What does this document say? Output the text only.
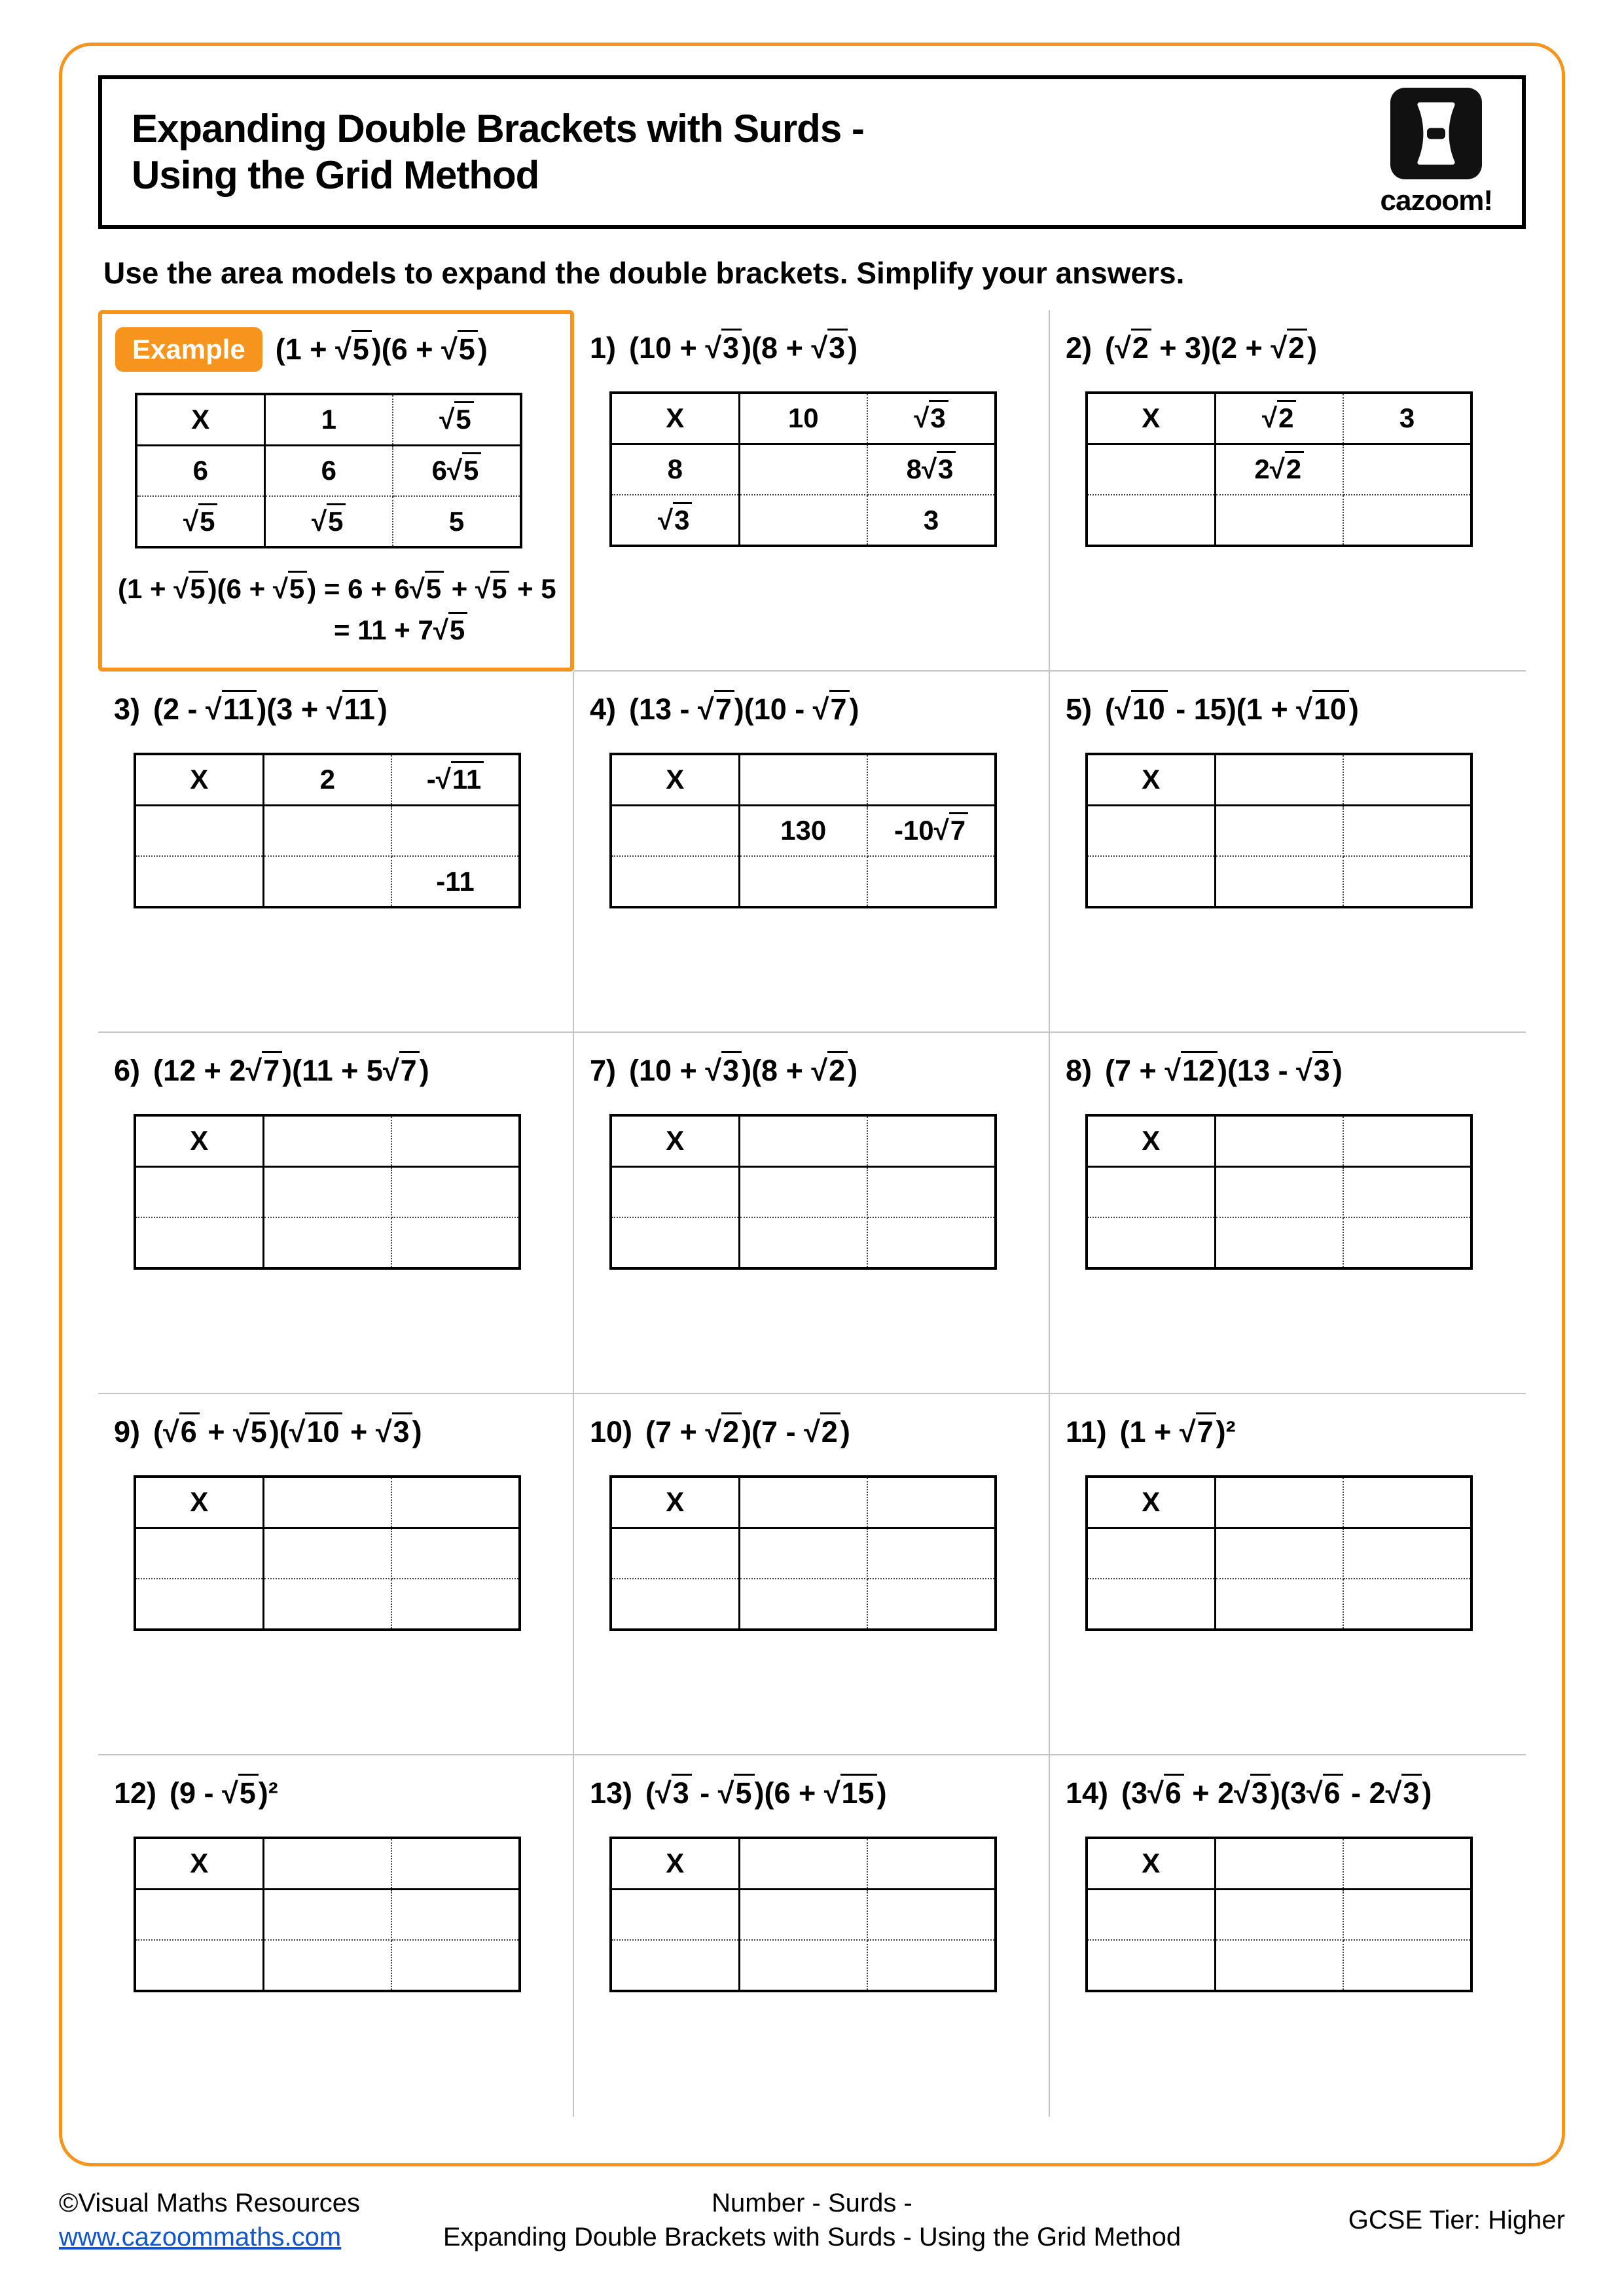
Expanding Double Brackets with Surds -
Using the Grid Method
cazoom!
Use the area models to expand the double brackets. Simplify your answers.
Example	(1 + √5)(6 + √5)
X	1	√5
6	6	6√5
√5	√5	5
(1 + √5)(6 + √5) = 6 + 6√5 + √5 + 5
= 11 + 7√5
1) (10 + √3)(8 + √3)
X	10	√3
8		8√3
√3		3
2) (√2 + 3)(2 + √2)
X	√2	3
	2√2	

3) (2 - √11)(3 + √11)
X	2	-√11

		-11
4) (13 - √7)(10 - √7)
X		
	130	-10√7

5) (√10 - 15)(1 + √10)
X		

6) (12 + 2√7)(11 + 5√7)
X		

7) (10 + √3)(8 + √2)
X		

8) (7 + √12)(13 - √3)
X		

9) (√6 + √5)(√10 + √3)
X		

10) (7 + √2)(7 - √2)
X		

11) (1 + √7)²
X		

12) (9 - √5)²
X		

13) (√3 - √5)(6 + √15)
X		

14) (3√6 + 2√3)(3√6 - 2√3)
X		

©Visual Maths Resources
www.cazoommaths.com
Number - Surds -
Expanding Double Brackets with Surds - Using the Grid Method
GCSE Tier: Higher
